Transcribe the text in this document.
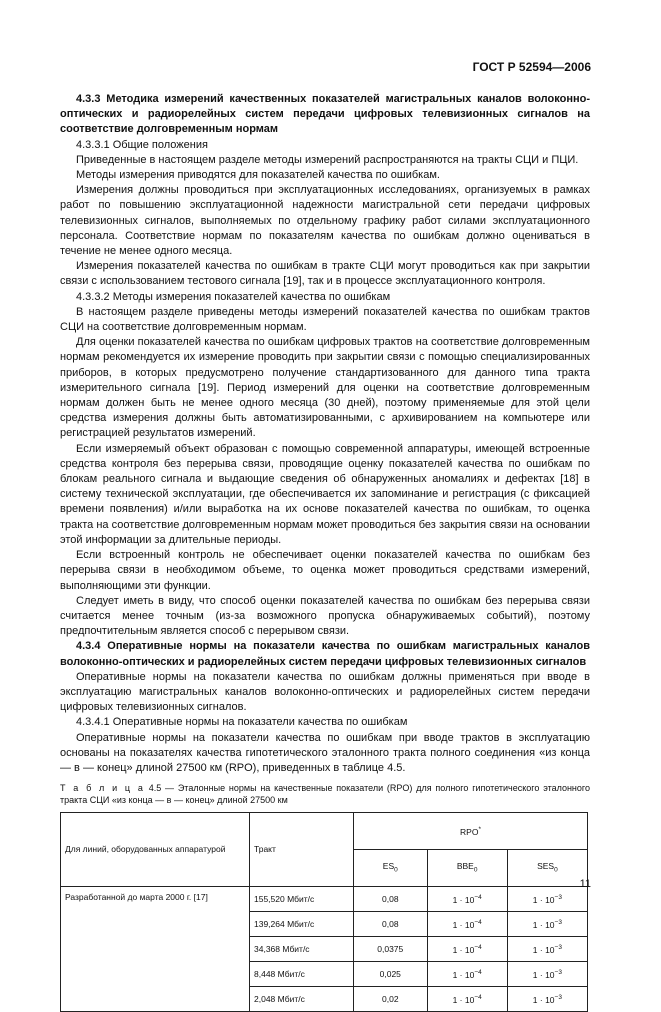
ГОСТ Р 52594—2006

4.3.3 Методика измерений качественных показателей магистральных каналов волоконно-оптических и радиорелейных систем передачи цифровых телевизионных сигналов на соответствие долговременным нормам

4.3.3.1 Общие положения

Приведенные в настоящем разделе методы измерений распространяются на тракты СЦИ и ПЦИ.

Методы измерения приводятся для показателей качества по ошибкам.

Измерения должны проводиться при эксплуатационных исследованиях, организуемых в рамках работ по повышению эксплуатационной надежности магистральной сети передачи цифровых телевизионных сигналов, выполняемых по отдельному графику работ силами эксплуатационного персонала. Соответствие нормам по показателям качества по ошибкам должно оцениваться в течение не менее одного месяца.

Измерения показателей качества по ошибкам в тракте СЦИ могут проводиться как при закрытии связи с использованием тестового сигнала [19], так и в процессе эксплуатационного контроля.

4.3.3.2 Методы измерения показателей качества по ошибкам

В настоящем разделе приведены методы измерений показателей качества по ошибкам трактов СЦИ на соответствие долговременным нормам.

Для оценки показателей качества по ошибкам цифровых трактов на соответствие долговременным нормам рекомендуется их измерение проводить при закрытии связи с помощью специализированных приборов, в которых предусмотрено получение стандартизованного для данного типа тракта измерительного сигнала [19]. Период измерений для оценки на соответствие долговременным нормам должен быть не менее одного месяца (30 дней), поэтому применяемые для этой цели средства измерения должны быть автоматизированными, с архивированием на компьютере или регистрацией результатов измерений.

Если измеряемый объект образован с помощью современной аппаратуры, имеющей встроенные средства контроля без перерыва связи, проводящие оценку показателей качества по ошибкам по блокам реального сигнала и выдающие сведения об обнаруженных аномалиях и дефектах [18] в систему технической эксплуатации, где обеспечивается их запоминание и регистрация (с фиксацией времени появления) и/или выработка на их основе показателей качества по ошибкам, то оценка тракта на соответствие долговременным нормам может проводиться без закрытия связи на основании этой информации за длительные периоды.

Если встроенный контроль не обеспечивает оценки показателей качества по ошибкам без перерыва связи в необходимом объеме, то оценка может проводиться средствами измерений, выполняющими эти функции.

Следует иметь в виду, что способ оценки показателей качества по ошибкам без перерыва связи считается менее точным (из-за возможного пропуска обнаруживаемых событий), поэтому предпочтительным является способ с перерывом связи.

4.3.4 Оперативные нормы на показатели качества по ошибкам магистральных каналов волоконно-оптических и радиорелейных систем передачи цифровых телевизионных сигналов

Оперативные нормы на показатели качества по ошибкам должны применяться при вводе в эксплуатацию магистральных каналов волоконно-оптических и радиорелейных систем передачи цифровых телевизионных сигналов.

4.3.4.1 Оперативные нормы на показатели качества по ошибкам

Оперативные нормы на показатели качества по ошибкам при вводе трактов в эксплуатацию основаны на показателях качества гипотетического эталонного тракта полного соединения «из конца — в — конец» длиной 27500 км (RPO), приведенных в таблице 4.5.

Т а б л и ц а 4.5 — Эталонные нормы на качественные показатели (RPO) для полного гипотетического эталонного тракта СЦИ «из конца — в — конец» длиной 27500 км
Для линий, оборудованных аппаратурой	Тракт	RPO*
		$ES_0$	$BBE_0$	$SES_0$
Разработанной до марта 2000 г. [17]	155,520 Мбит/с	0,08	$1 \cdot 10^{-4}$	$1 \cdot 10^{-3}$
	139,264 Мбит/с	0,08	$1 \cdot 10^{-4}$	$1 \cdot 10^{-3}$
	34,368 Мбит/с	0,0375	$1 \cdot 10^{-4}$	$1 \cdot 10^{-3}$
	8,448 Мбит/с	0,025	$1 \cdot 10^{-4}$	$1 \cdot 10^{-3}$
	2,048 Мбит/с	0,02	$1 \cdot 10^{-4}$	$1 \cdot 10^{-3}$
11
